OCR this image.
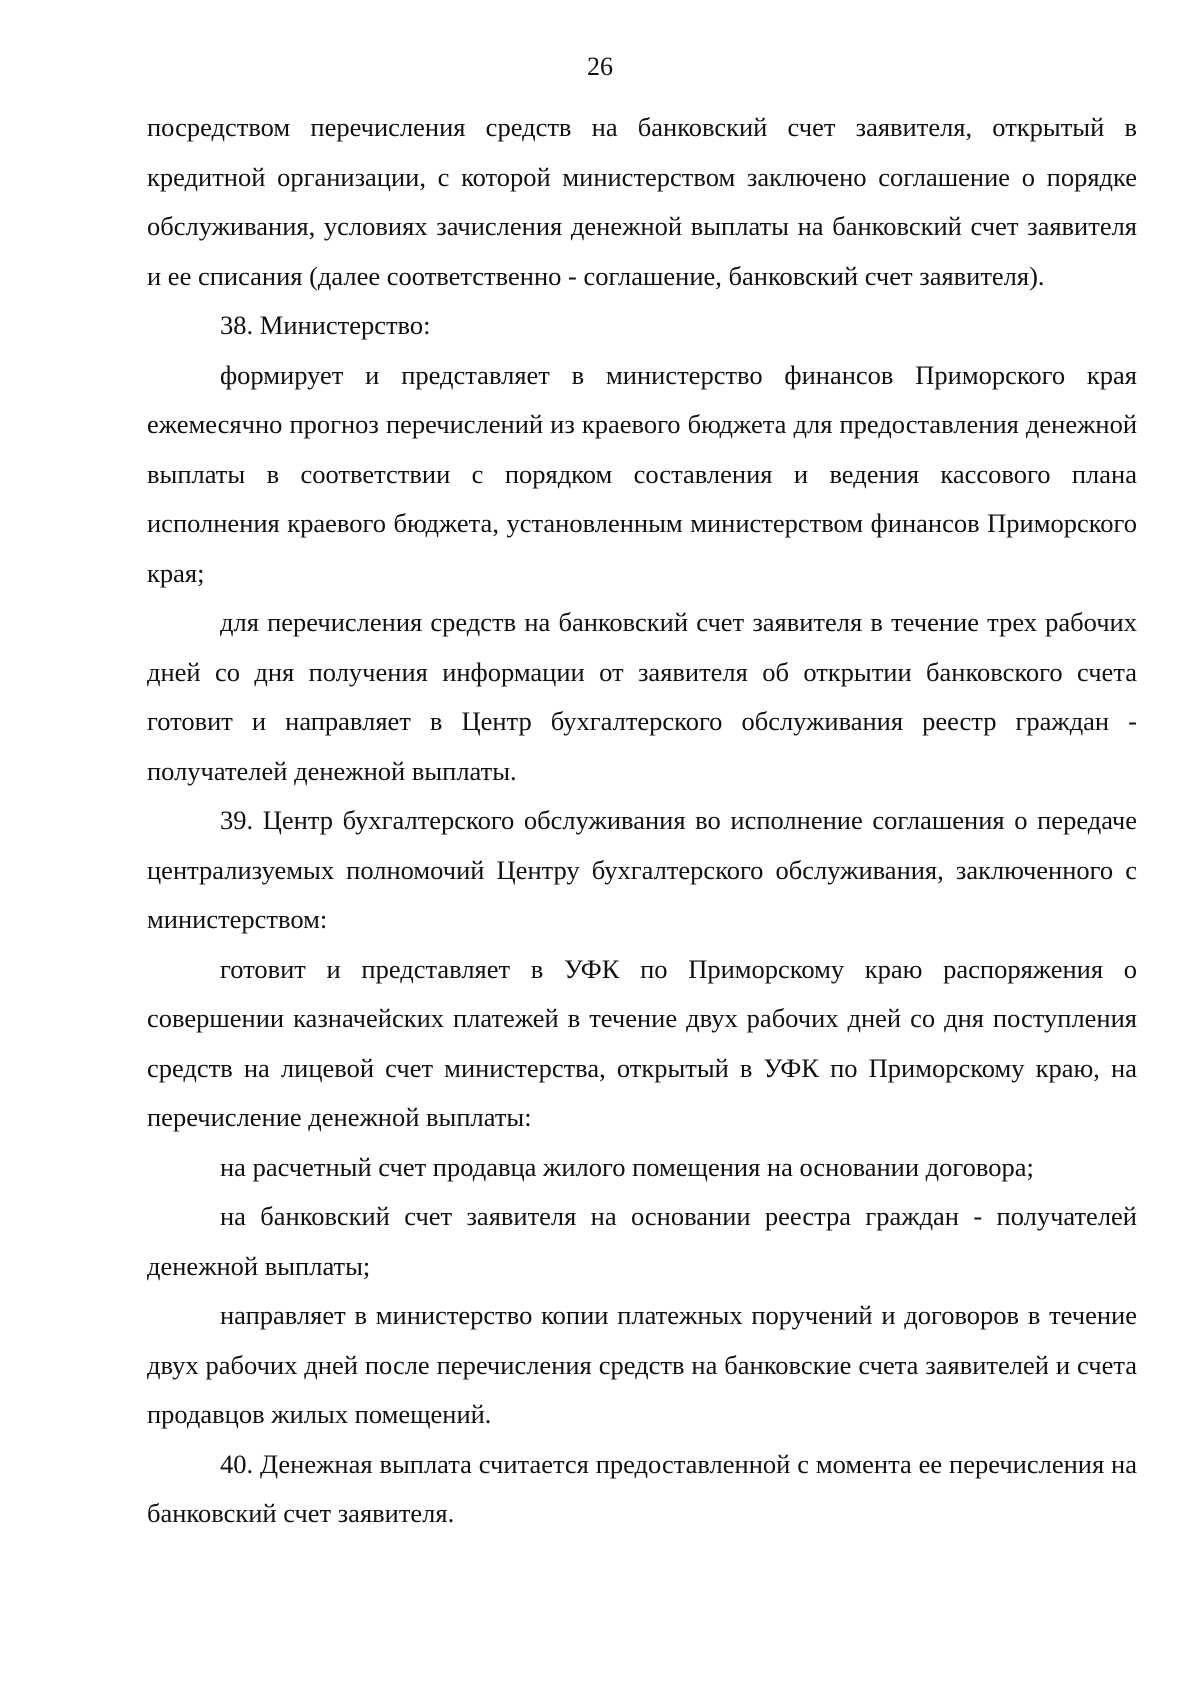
26

посредством перечисления средств на банковский счет заявителя, открытый в кредитной организации, с которой министерством заключено соглашение о порядке обслуживания, условиях зачисления денежной выплаты на банковский счет заявителя и ее списания (далее соответственно - соглашение, банковский счет заявителя).

38. Министерство:

формирует и представляет в министерство финансов Приморского края ежемесячно прогноз перечислений из краевого бюджета для предоставления денежной выплаты в соответствии с порядком составления и ведения кассового плана исполнения краевого бюджета, установленным министерством финансов Приморского края;

для перечисления средств на банковский счет заявителя в течение трех рабочих дней со дня получения информации от заявителя об открытии банковского счета готовит и направляет в Центр бухгалтерского обслуживания реестр граждан - получателей денежной выплаты.

39. Центр бухгалтерского обслуживания во исполнение соглашения о передаче централизуемых полномочий Центру бухгалтерского обслуживания, заключенного с министерством:

готовит и представляет в УФК по Приморскому краю распоряжения о совершении казначейских платежей в течение двух рабочих дней со дня поступления средств на лицевой счет министерства, открытый в УФК по Приморскому краю, на перечисление денежной выплаты:

на расчетный счет продавца жилого помещения на основании договора;

на банковский счет заявителя на основании реестра граждан - получателей денежной выплаты;

направляет в министерство копии платежных поручений и договоров в течение двух рабочих дней после перечисления средств на банковские счета заявителей и счета продавцов жилых помещений.

40. Денежная выплата считается предоставленной с момента ее перечисления на банковский счет заявителя.
